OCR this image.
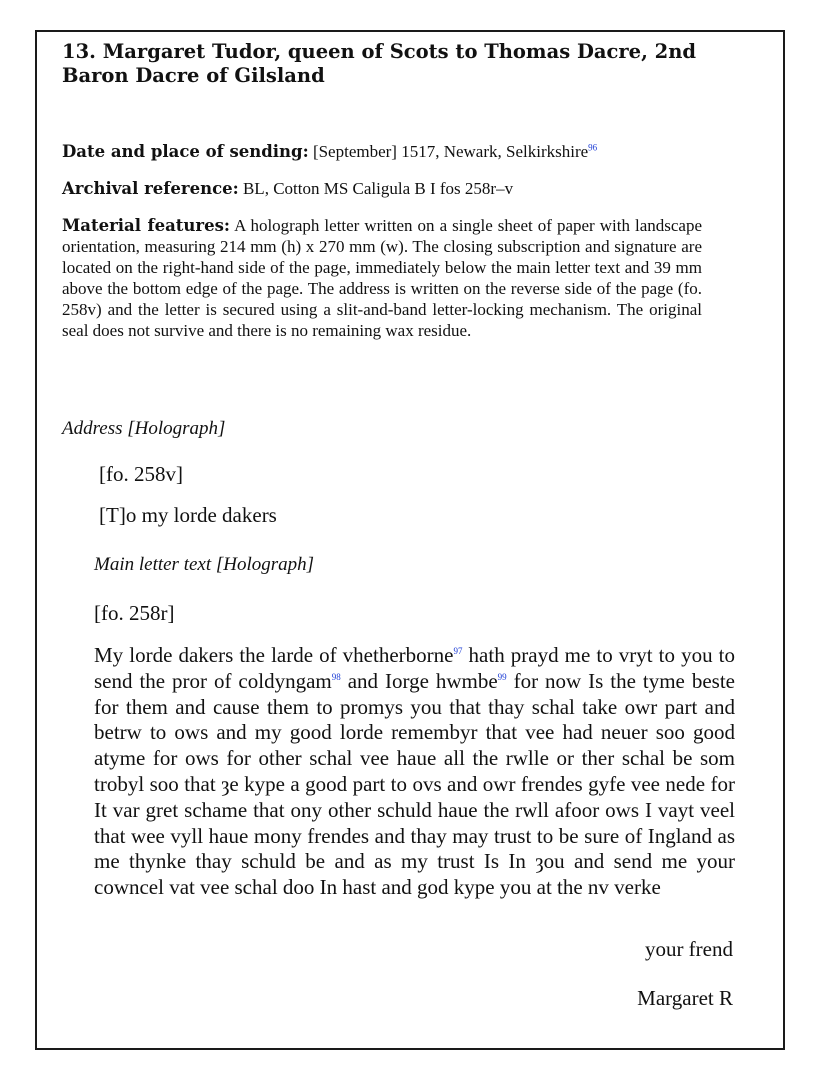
13. Margaret Tudor, queen of Scots to Thomas Dacre, 2nd Baron Dacre of Gilsland

Date and place of sending: [September] 1517, Newark, Selkirkshire$^{96}$

Archival reference: BL, Cotton MS Caligula B I fos 258r–v

Material features: A holograph letter written on a single sheet of paper with landscape orientation, measuring 214 mm (h) x 270 mm (w). The closing subscription and signature are located on the right-hand side of the page, immediately below the main letter text and 39 mm above the bottom edge of the page. The address is written on the reverse side of the page (fo. 258v) and the letter is secured using a slit-and-band letter-locking mechanism. The original seal does not survive and there is no remaining wax residue.

Address [Holograph]

[fo. 258v]

[T]o my lorde dakers

Main letter text [Holograph]

[fo. 258r]

My lorde dakers the larde of vhetherborne$^{97}$ hath prayd me to vryt to you to send the pror of coldyngam$^{98}$ and Iorge hwmbe$^{99}$ for now Is the tyme beste for them and cause them to promys you that thay schal take owr part and betrw to ows and my good lorde remembyr that vee had neuer soo good atyme for ows for other schal vee haue all the rwlle or ther schal be som trobyl soo that ȝe kype a good part to ovs and owr frendes gyfe vee nede for It var gret schame that ony other schuld haue the rwll afoor ows I vayt veel that wee vyll haue mony frendes and thay may trust to be sure of Ingland as me thynke thay schuld be and as my trust Is In ȝou and send me your cowncel vat vee schal doo In hast and god kype you at the nv verke

your frend

Margaret R
